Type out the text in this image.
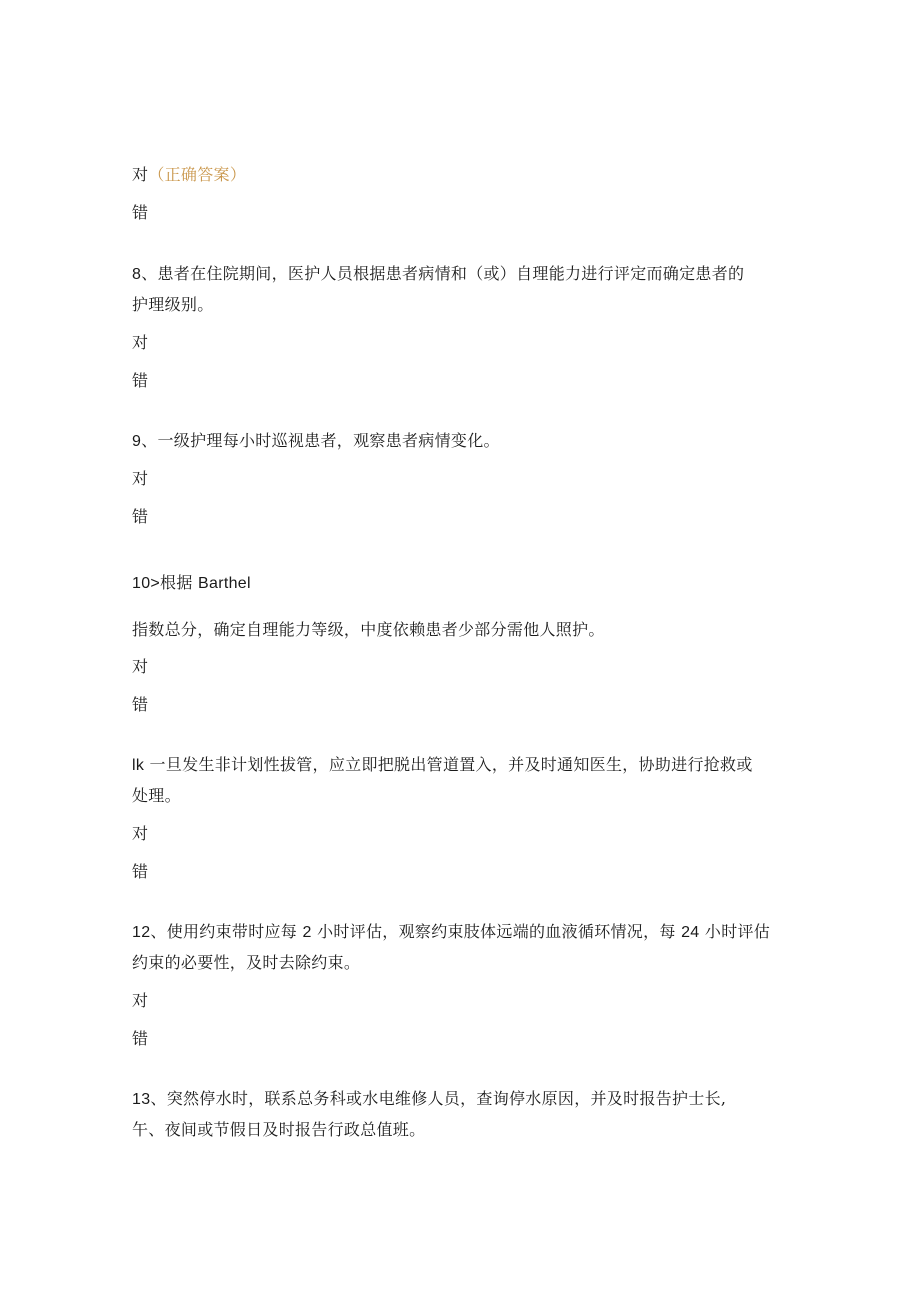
对（正确答案）
错
8、患者在住院期间，医护人员根据患者病情和（或）自理能力进行评定而确定患者的
护理级别。
对
错
9、一级护理每小时巡视患者，观察患者病情变化。
对
错
10>根据 Barthel
指数总分，确定自理能力等级，中度依赖患者少部分需他人照护。
对
错
lk 一旦发生非计划性拔管，应立即把脱出管道置入，并及时通知医生，协助进行抢救或
处理。
对
错
12、使用约束带时应每 2 小时评估，观察约束肢体远端的血液循环情况，每 24 小时评估
约束的必要性，及时去除约束。
对
错
13、突然停水时，联系总务科或水电维修人员，查询停水原因，并及时报告护士长,
午、夜间或节假日及时报告行政总值班。
